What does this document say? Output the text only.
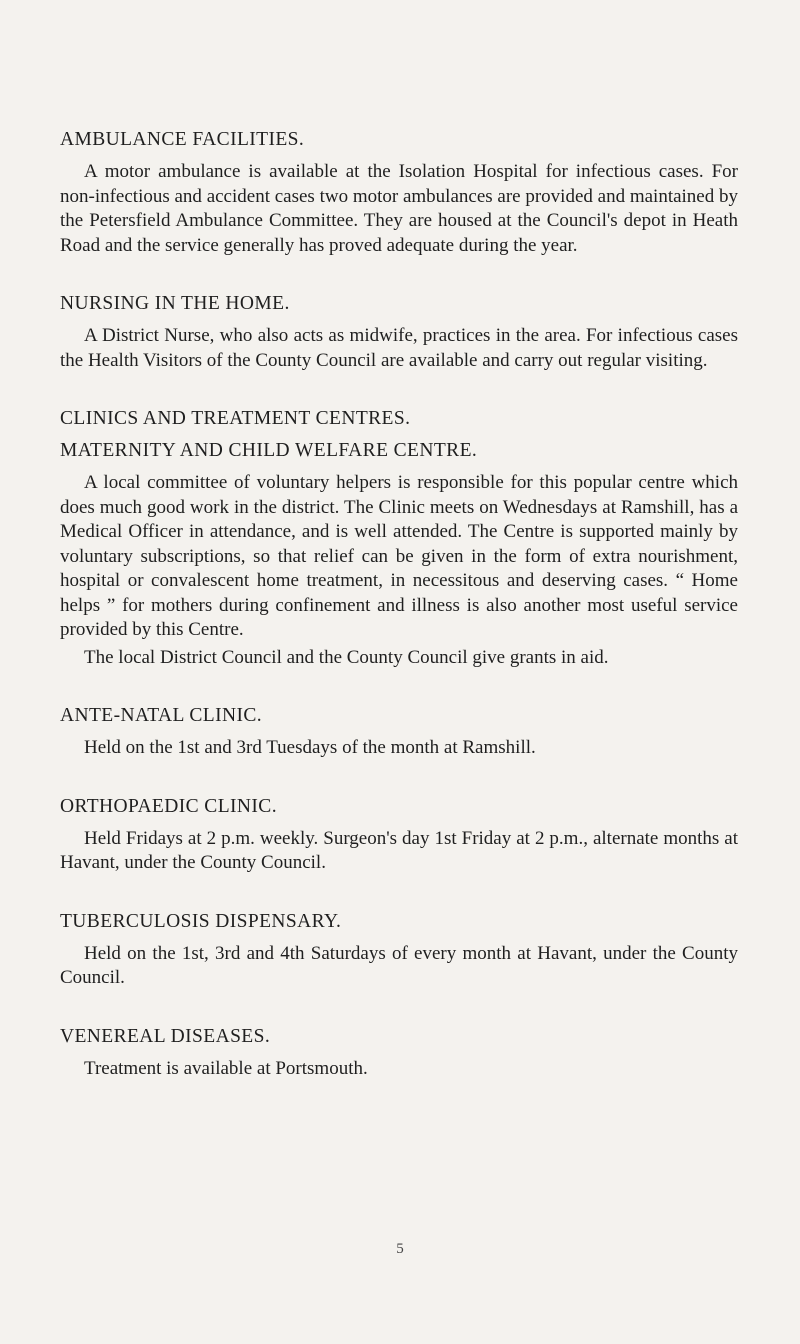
AMBULANCE FACILITIES.

A motor ambulance is available at the Isolation Hospital for infectious cases. For non-infectious and accident cases two motor ambulances are provided and maintained by the Petersfield Ambulance Committee. They are housed at the Council's depot in Heath Road and the service generally has proved adequate during the year.

NURSING IN THE HOME.

A District Nurse, who also acts as midwife, practices in the area. For infectious cases the Health Visitors of the County Council are available and carry out regular visiting.

CLINICS AND TREATMENT CENTRES.
MATERNITY AND CHILD WELFARE CENTRE.

A local committee of voluntary helpers is responsible for this popular centre which does much good work in the district. The Clinic meets on Wednesdays at Ramshill, has a Medical Officer in attendance, and is well attended. The Centre is supported mainly by voluntary subscriptions, so that relief can be given in the form of extra nourishment, hospital or convalescent home treatment, in necessitous and deserving cases. “ Home helps ” for mothers during confinement and illness is also another most useful service provided by this Centre.

The local District Council and the County Council give grants in aid.

ANTE-NATAL CLINIC.

Held on the 1st and 3rd Tuesdays of the month at Ramshill.

ORTHOPAEDIC CLINIC.

Held Fridays at 2 p.m. weekly. Surgeon's day 1st Friday at 2 p.m., alternate months at Havant, under the County Council.

TUBERCULOSIS DISPENSARY.

Held on the 1st, 3rd and 4th Saturdays of every month at Havant, under the County Council.

VENEREAL DISEASES.

Treatment is available at Portsmouth.

5
